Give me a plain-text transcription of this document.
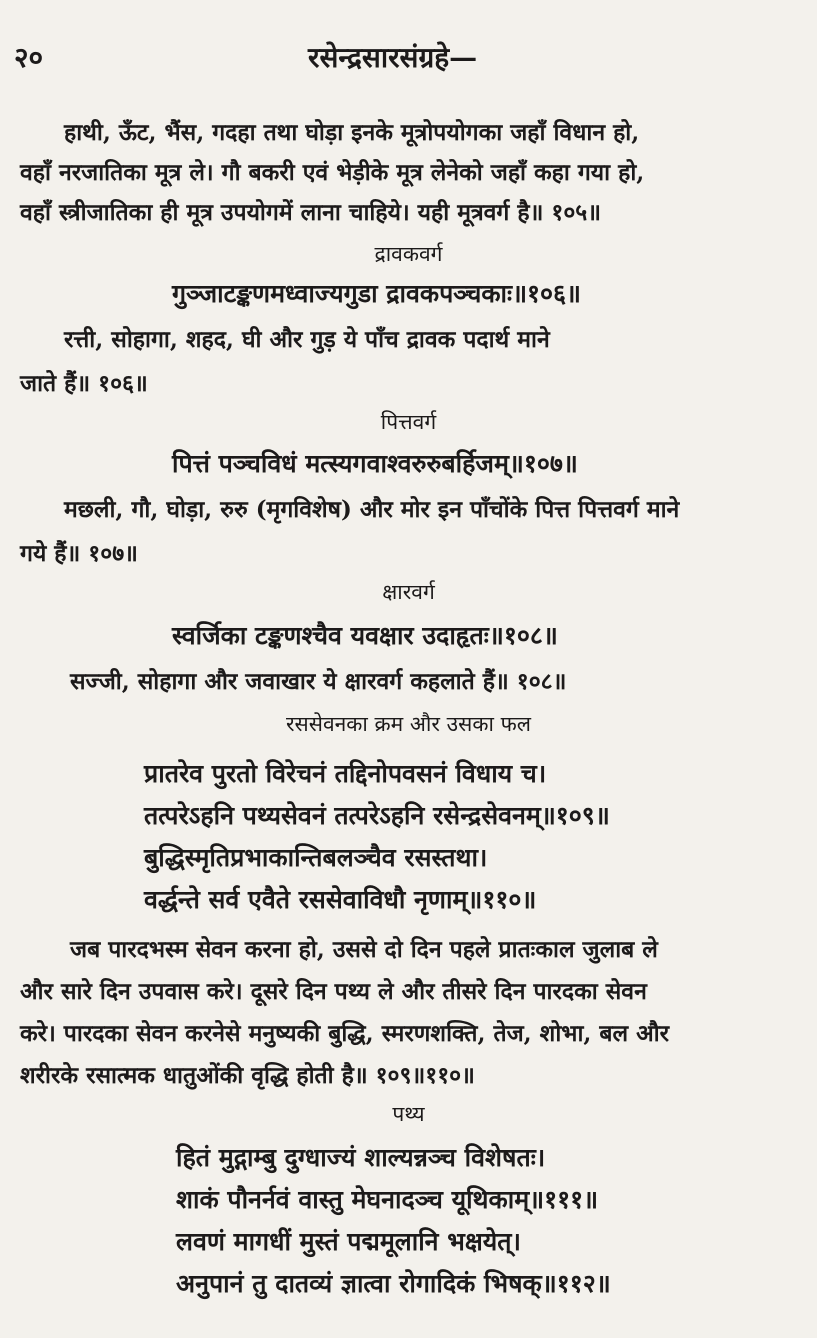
२०	रसेन्द्रसारसंग्रहे—
हाथी, ऊँट, भैंस, गदहा तथा घोड़ा इनके मूत्रोपयोगका जहाँ विधान हो,
वहाँ नरजातिका मूत्र ले। गौ बकरी एवं भेड़ीके मूत्र लेनेको जहाँ कहा गया हो,
वहाँ स्त्रीजातिका ही मूत्र उपयोगमें लाना चाहिये। यही मूत्रवर्ग है॥ १०५॥
द्रावकवर्ग
गुञ्जाटङ्कणमध्वाज्यगुडा द्रावकपञ्चकाः॥१०६॥
रत्ती, सोहागा, शहद, घी और गुड़ ये पाँच द्रावक पदार्थ माने
जाते हैं॥ १०६॥
पित्तवर्ग
पित्तं पञ्चविधं मत्स्यगवाश्वरुरुबर्हिजम्॥१०७॥
मछली, गौ, घोड़ा, रुरु (मृगविशेष) और मोर इन पाँचोंके पित्त पित्तवर्ग माने
गये हैं॥ १०७॥
क्षारवर्ग
स्वर्जिका टङ्कणश्चैव यवक्षार उदाहृतः॥१०८॥
सज्जी, सोहागा और जवाखार ये क्षारवर्ग कहलाते हैं॥ १०८॥
रससेवनका क्रम और उसका फल
प्रातरेव पुरतो विरेचनं तद्दिनोपवसनं विधाय च।
तत्परेऽहनि पथ्यसेवनं तत्परेऽहनि रसेन्द्रसेवनम्॥१०९॥
बुद्धिस्मृतिप्रभाकान्तिबलञ्चैव रसस्तथा।
वर्द्धन्ते सर्व एवैते रससेवाविधौ नृणाम्॥११०॥
जब पारदभस्म सेवन करना हो, उससे दो दिन पहले प्रातःकाल जुलाब ले
और सारे दिन उपवास करे। दूसरे दिन पथ्य ले और तीसरे दिन पारदका सेवन
करे। पारदका सेवन करनेसे मनुष्यकी बुद्धि, स्मरणशक्ति, तेज, शोभा, बल और
शरीरके रसात्मक धातुओंकी वृद्धि होती है॥ १०९॥११०॥
पथ्य
हितं मुद्गाम्बु दुग्धाज्यं शाल्यन्नञ्च विशेषतः।
शाकं पौनर्नवं वास्तु मेघनादञ्च यूथिकाम्॥१११॥
लवणं मागधीं मुस्तं पद्ममूलानि भक्षयेत्।
अनुपानं तु दातव्यं ज्ञात्वा रोगादिकं भिषक्॥११२॥
